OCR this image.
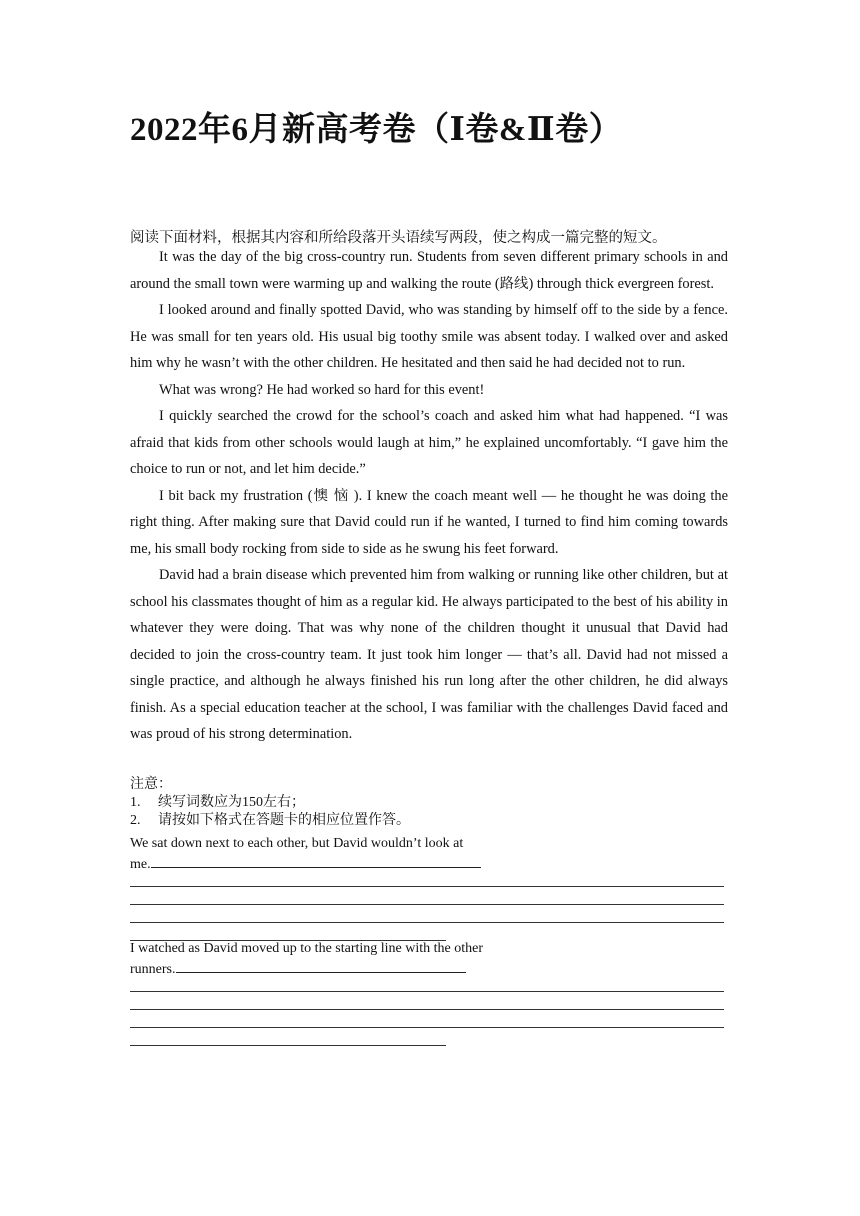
2022年6月新高考卷（Ⅰ卷&Ⅱ卷）
阅读下面材料，根据其内容和所给段落开头语续写两段，使之构成一篇完整的短文。

It was the day of the big cross-country run. Students from seven different primary schools in and around the small town were warming up and walking the route (路线) through thick evergreen forest.

I looked around and finally spotted David, who was standing by himself off to the side by a fence. He was small for ten years old. His usual big toothy smile was absent today. I walked over and asked him why he wasn’t with the other children. He hesitated and then said he had decided not to run.

What was wrong? He had worked so hard for this event!

I quickly searched the crowd for the school’s coach and asked him what had happened. “I was afraid that kids from other schools would laugh at him,” he explained uncomfortably. “I gave him the choice to run or not, and let him decide.”

I bit back my frustration (懊 恼 ). I knew the coach meant well — he thought he was doing the right thing. After making sure that David could run if he wanted, I turned to find him coming towards me, his small body rocking from side to side as he swung his feet forward.

David had a brain disease which prevented him from walking or running like other children, but at school his classmates thought of him as a regular kid. He always participated to the best of his ability in whatever they were doing. That was why none of the children thought it unusual that David had decided to join the cross-country team. It just took him longer — that’s all. David had not missed a single practice, and although he always finished his run long after the other children, he did always finish. As a special education teacher at the school, I was familiar with the challenges David faced and was proud of his strong determination.

注意：
1. 续写词数应为150左右；
2. 请按如下格式在答题卡的相应位置作答。
We sat down next to each other, but David wouldn’t look at
me.
I watched as David moved up to the starting line with the other
runners.
